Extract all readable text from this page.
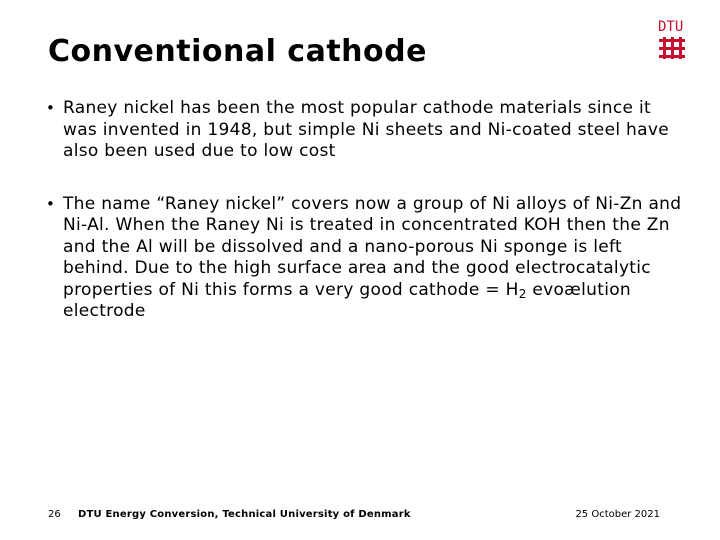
Conventional cathode
DTU

• Raney nickel has been the most popular cathode materials since it was invented in 1948, but simple Ni sheets and Ni-coated steel have also been used due to low cost

• The name “Raney nickel” covers now a group of Ni alloys of Ni-Zn and Ni-Al. When the Raney Ni is treated in concentrated KOH then the Zn and the Al will be dissolved and a nano-porous Ni sponge is left behind. Due to the high surface area and the good electrocatalytic properties of Ni this forms a very good cathode = $H_2$ evoælution electrode

26 DTU Energy Conversion, Technical University of Denmark	25 October 2021
